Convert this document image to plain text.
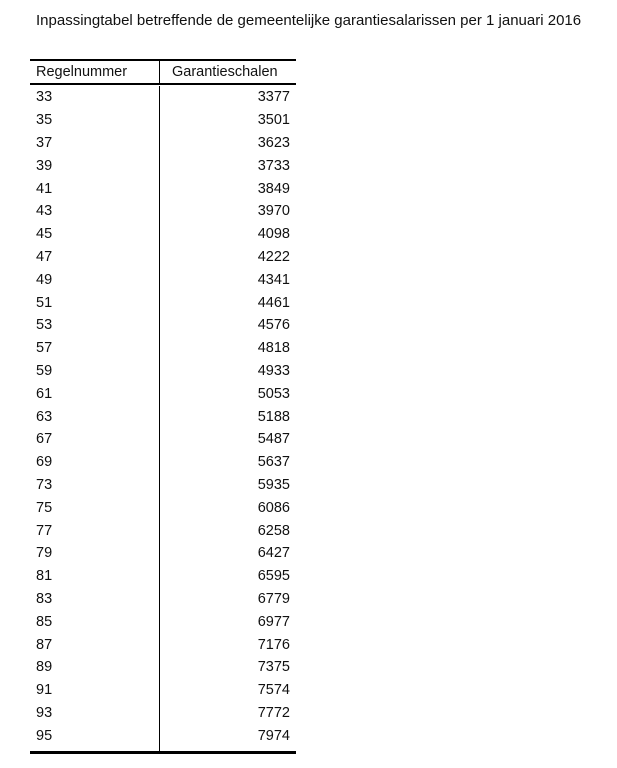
Inpassingtabel betreffende de gemeentelijke garantiesalarissen per 1 januari 2016
Regelnummer	Garantieschalen
33	3377
35	3501
37	3623
39	3733
41	3849
43	3970
45	4098
47	4222
49	4341
51	4461
53	4576
57	4818
59	4933
61	5053
63	5188
67	5487
69	5637
73	5935
75	6086
77	6258
79	6427
81	6595
83	6779
85	6977
87	7176
89	7375
91	7574
93	7772
95	7974
